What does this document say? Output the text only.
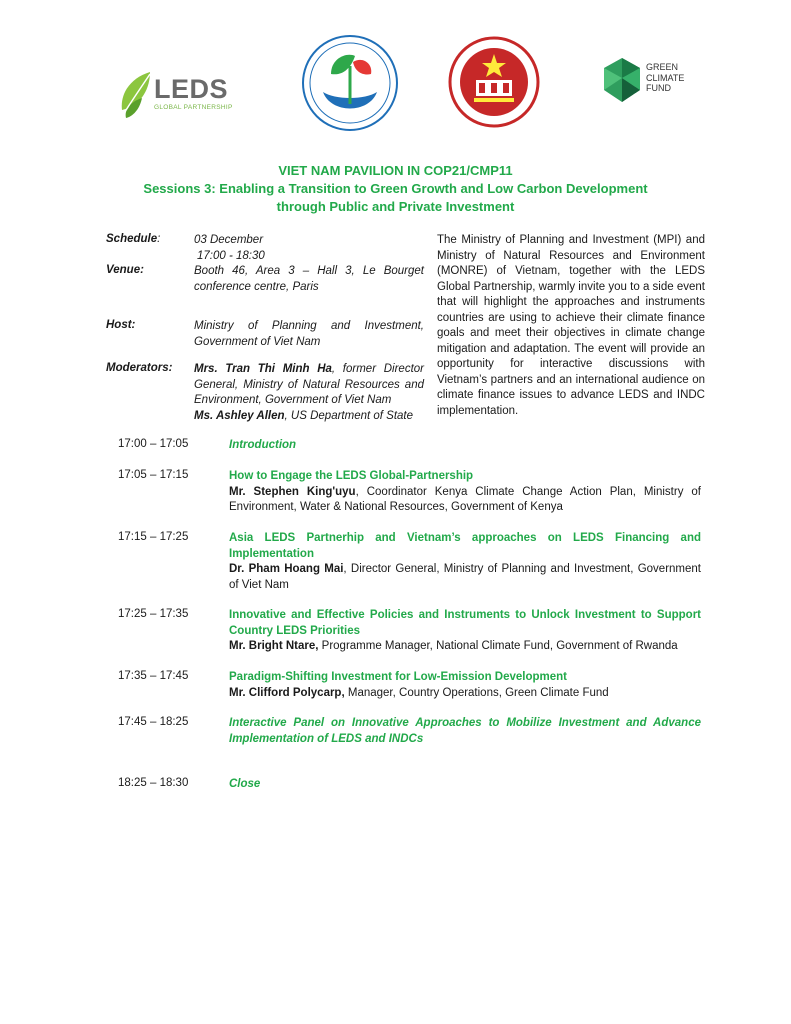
LEDS
GLOBAL PARTNERSHIP
GREEN
CLIMATE
FUND
VIET NAM PAVILION IN COP21/CMP11
Sessions 3: Enabling a Transition to Green Growth and Low Carbon Development
through Public and Private Investment
Schedule:	03 December
17:00 - 18:30
Venue:	Booth 46, Area 3 – Hall 3, Le Bourget conference centre, Paris
Host:	Ministry of Planning and Investment, Government of Viet Nam
Moderators: Mrs. Tran Thi Minh Ha, former Director General, Ministry of Natural Resources and Environment, Government of Viet Nam
Ms. Ashley Allen, US Department of State
The Ministry of Planning and Investment (MPI) and Ministry of Natural Resources and Environment (MONRE) of Vietnam, together with the LEDS Global Partnership, warmly invite you to a side event that will highlight the approaches and instruments countries are using to achieve their climate finance goals and meet their objectives in climate change mitigation and adaptation. The event will provide an opportunity for interactive discussions with Vietnam’s partners and an international audience on climate finance issues to advance LEDS and INDC implementation.
17:00 – 17:05	Introduction
17:05 – 17:15	How to Engage the LEDS Global-Partnership
Mr. Stephen King'uyu, Coordinator Kenya Climate Change Action Plan, Ministry of Environment, Water & National Resources, Government of Kenya
17:15 – 17:25	Asia LEDS Partnerhip and Vietnam’s approaches on LEDS Financing and Implementation
Dr. Pham Hoang Mai, Director General, Ministry of Planning and Investment, Government of Viet Nam
17:25 – 17:35	Innovative and Effective Policies and Instruments to Unlock Investment to Support Country LEDS Priorities
Mr. Bright Ntare, Programme Manager, National Climate Fund, Government of Rwanda
17:35 – 17:45	Paradigm-Shifting Investment for Low-Emission Development
Mr. Clifford Polycarp, Manager, Country Operations, Green Climate Fund
17:45 – 18:25	Interactive Panel on Innovative Approaches to Mobilize Investment and Advance Implementation of LEDS and INDCs
18:25 – 18:30	Close
